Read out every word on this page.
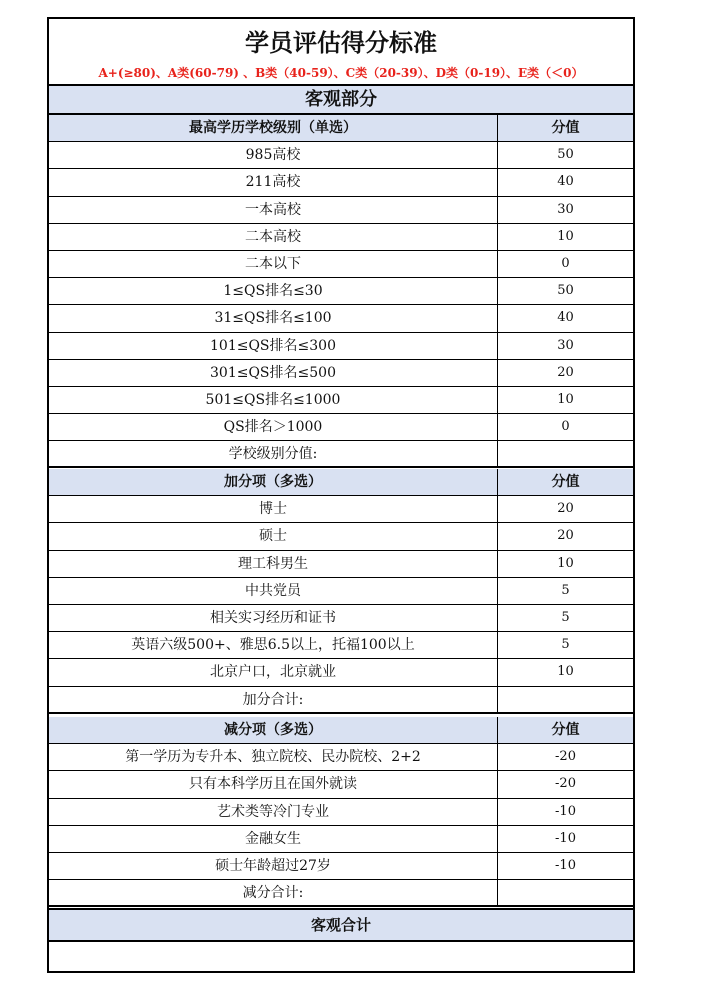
学员评估得分标准
A+(≥80)、A类(60-79) 、B类（40-59）、C类（20-39）、D类（0-19）、E类（＜0）
客观部分
最高学历学校级别（单选）	分值
985高校	50
211高校	40
一本高校	30
二本高校	10
二本以下	0
1≤QS排名≤30	50
31≤QS排名≤100	40
101≤QS排名≤300	30
301≤QS排名≤500	20
501≤QS排名≤1000	10
QS排名＞1000	0
学校级别分值:
加分项（多选）	分值
博士	20
硕士	20
理工科男生	10
中共党员	5
相关实习经历和证书	5
英语六级500+、雅思6.5以上，托福100以上	5
北京户口，北京就业	10
加分合计:
减分项（多选）	分值
第一学历为专升本、独立院校、民办院校、2+2	-20
只有本科学历且在国外就读	-20
艺术类等冷门专业	-10
金融女生	-10
硕士年龄超过27岁	-10
减分合计:
客观合计
